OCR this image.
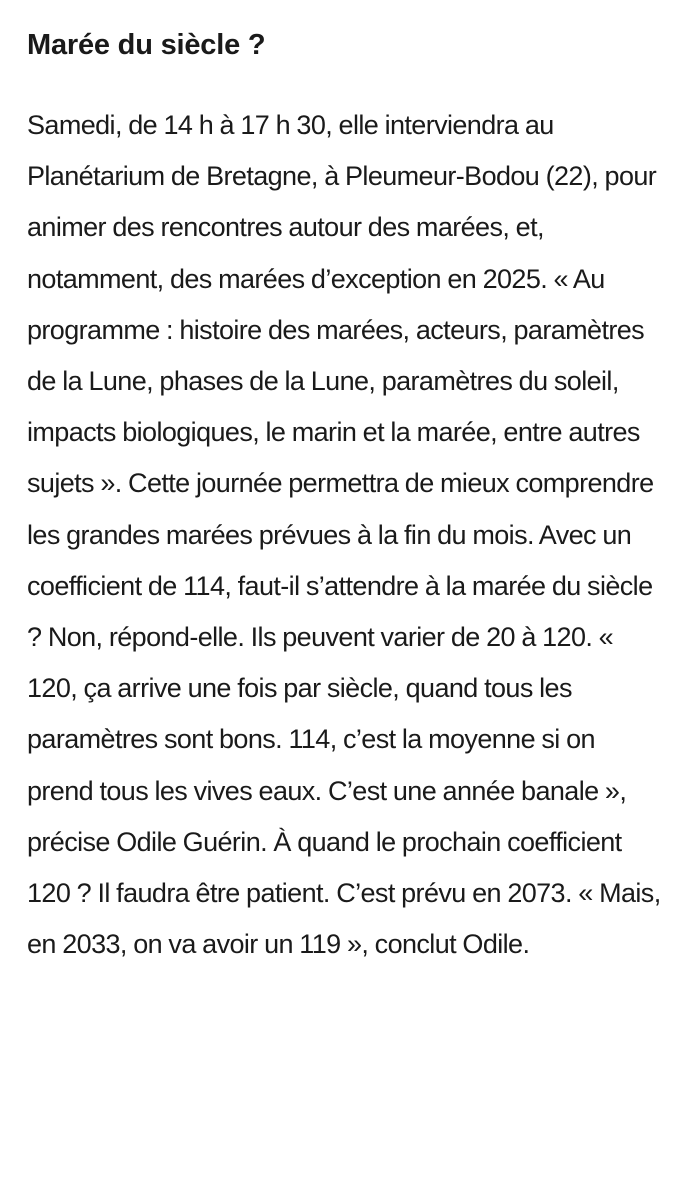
Marée du siècle ?

Samedi, de 14 h à 17 h 30, elle interviendra au Planétarium de Bretagne, à Pleumeur-Bodou (22), pour animer des rencontres autour des marées, et, notamment, des marées d’exception en 2025. « Au programme : histoire des marées, acteurs, paramètres de la Lune, phases de la Lune, paramètres du soleil, impacts biologiques, le marin et la marée, entre autres sujets ». Cette journée permettra de mieux comprendre les grandes marées prévues à la fin du mois. Avec un coefficient de 114, faut-il s’attendre à la marée du siècle ? Non, répond-elle. Ils peuvent varier de 20 à 120. « 120, ça arrive une fois par siècle, quand tous les paramètres sont bons. 114, c’est la moyenne si on prend tous les vives eaux. C’est une année banale », précise Odile Guérin. À quand le prochain coefficient 120 ? Il faudra être patient. C’est prévu en 2073. « Mais, en 2033, on va avoir un 119 », conclut Odile.
